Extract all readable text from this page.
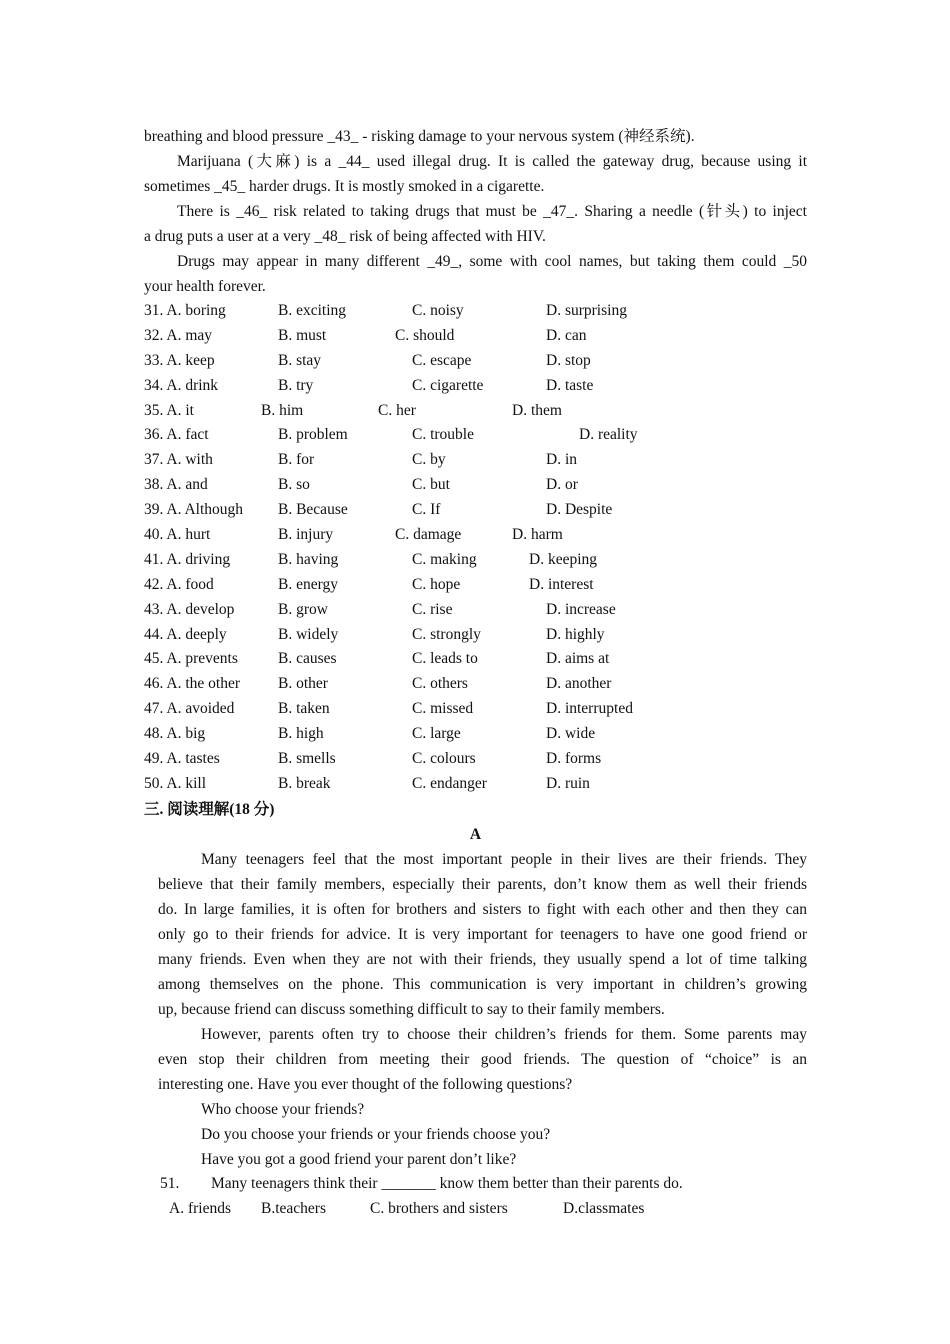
breathing and blood pressure _43_ - risking damage to your nervous system (神经系统).
Marijuana (大麻) is a _44_ used illegal drug. It is called the gateway drug, because using it
sometimes _45_ harder drugs. It is mostly smoked in a cigarette.
There is _46_ risk related to taking drugs that must be _47_. Sharing a needle (针头) to inject
a drug puts a user at a very _48_ risk of being affected with HIV.
Drugs may appear in many different _49_, some with cool names, but taking them could _50
your health forever.
31. A. boring	B. exciting	C. noisy	D. surprising
32. A. may	B. must	C. should	D. can
33. A. keep	B. stay	C. escape	D. stop
34. A. drink	B. try	C. cigarette	D. taste
35. A. it	B. him	C. her	D. them
36. A. fact	B. problem	C. trouble	D. reality
37. A. with	B. for	C. by	D. in
38. A. and	B. so	C. but	D. or
39. A. Although B. Because	C. If	D. Despite
40. A. hurt	B. injury	C. damage	D. harm
41. A. driving	B. having	C. making	D. keeping
42. A. food	B. energy	C. hope	D. interest
43. A. develop	B. grow	C. rise	D. increase
44. A. deeply	B. widely	C. strongly	D. highly
45. A. prevents	B. causes	C. leads to	D. aims at
46. A. the other B. other	C. others	D. another
47. A. avoided	B. taken	C. missed	D. interrupted
48. A. big	B. high	C. large	D. wide
49. A. tastes	B. smells	C. colours	D. forms
50. A. kill	B. break	C. endanger	D. ruin
三. 阅读理解(18 分)
A
Many teenagers feel that the most important people in their lives are their friends. They
believe that their family members, especially their parents, don’t know them as well their friends
do. In large families, it is often for brothers and sisters to fight with each other and then they can
only go to their friends for advice. It is very important for teenagers to have one good friend or
many friends. Even when they are not with their friends, they usually spend a lot of time talking
among themselves on the phone. This communication is very important in children’s growing
up, because friend can discuss something difficult to say to their family members.
However, parents often try to choose their children’s friends for them. Some parents may
even stop their children from meeting their good friends. The question of “choice” is an
interesting one. Have you ever thought of the following questions?
Who choose your friends?
Do you choose your friends or your friends choose you?
Have you got a good friend your parent don’t like?
51. Many teenagers think their _______ know them better than their parents do.
A. friends B.teachers	C. brothers and sisters	D.classmates
